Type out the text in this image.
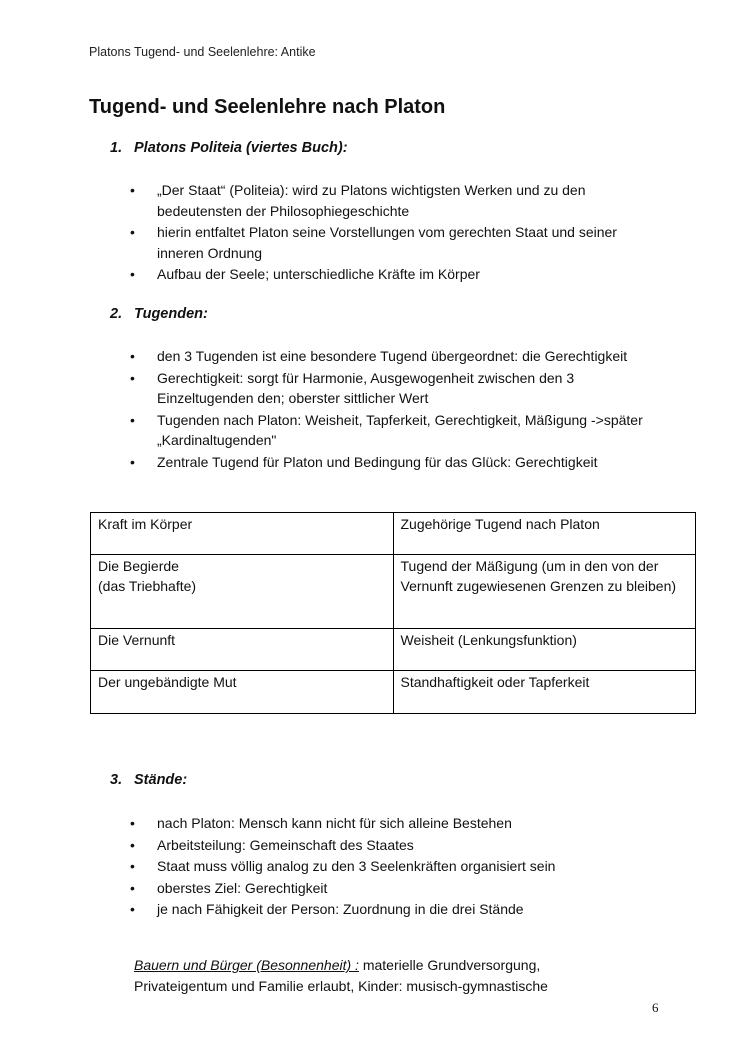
Platons Tugend- und Seelenlehre: Antike
Tugend- und Seelenlehre nach Platon
1. Platons Politeia (viertes Buch):
• „Der Staat“ (Politeia): wird zu Platons wichtigsten Werken und zu den bedeutensten der Philosophiegeschichte
• hierin entfaltet Platon seine Vorstellungen vom gerechten Staat und seiner inneren Ordnung
• Aufbau der Seele; unterschiedliche Kräfte im Körper
2. Tugenden:
• den 3 Tugenden ist eine besondere Tugend übergeordnet: die Gerechtigkeit
• Gerechtigkeit: sorgt für Harmonie, Ausgewogenheit zwischen den 3 Einzeltugenden den; oberster sittlicher Wert
• Tugenden nach Platon: Weisheit, Tapferkeit, Gerechtigkeit, Mäßigung ->später „Kardinaltugenden"
• Zentrale Tugend für Platon und Bedingung für das Glück: Gerechtigkeit
Kraft im Körper	Zugehörige Tugend nach Platon
Die Begierde
(das Triebhafte)	Tugend der Mäßigung (um in den von der Vernunft zugewiesenen Grenzen zu bleiben)
Die Vernunft	Weisheit (Lenkungsfunktion)
Der ungebändigte Mut	Standhaftigkeit oder Tapferkeit
3. Stände:
• nach Platon: Mensch kann nicht für sich alleine Bestehen
• Arbeitsteilung: Gemeinschaft des Staates
• Staat muss völlig analog zu den 3 Seelenkräften organisiert sein
• oberstes Ziel: Gerechtigkeit
• je nach Fähigkeit der Person: Zuordnung in die drei Stände
Bauern und Bürger (Besonnenheit) : materielle Grundversorgung, Privateigentum und Familie erlaubt, Kinder: musisch-gymnastische
6
